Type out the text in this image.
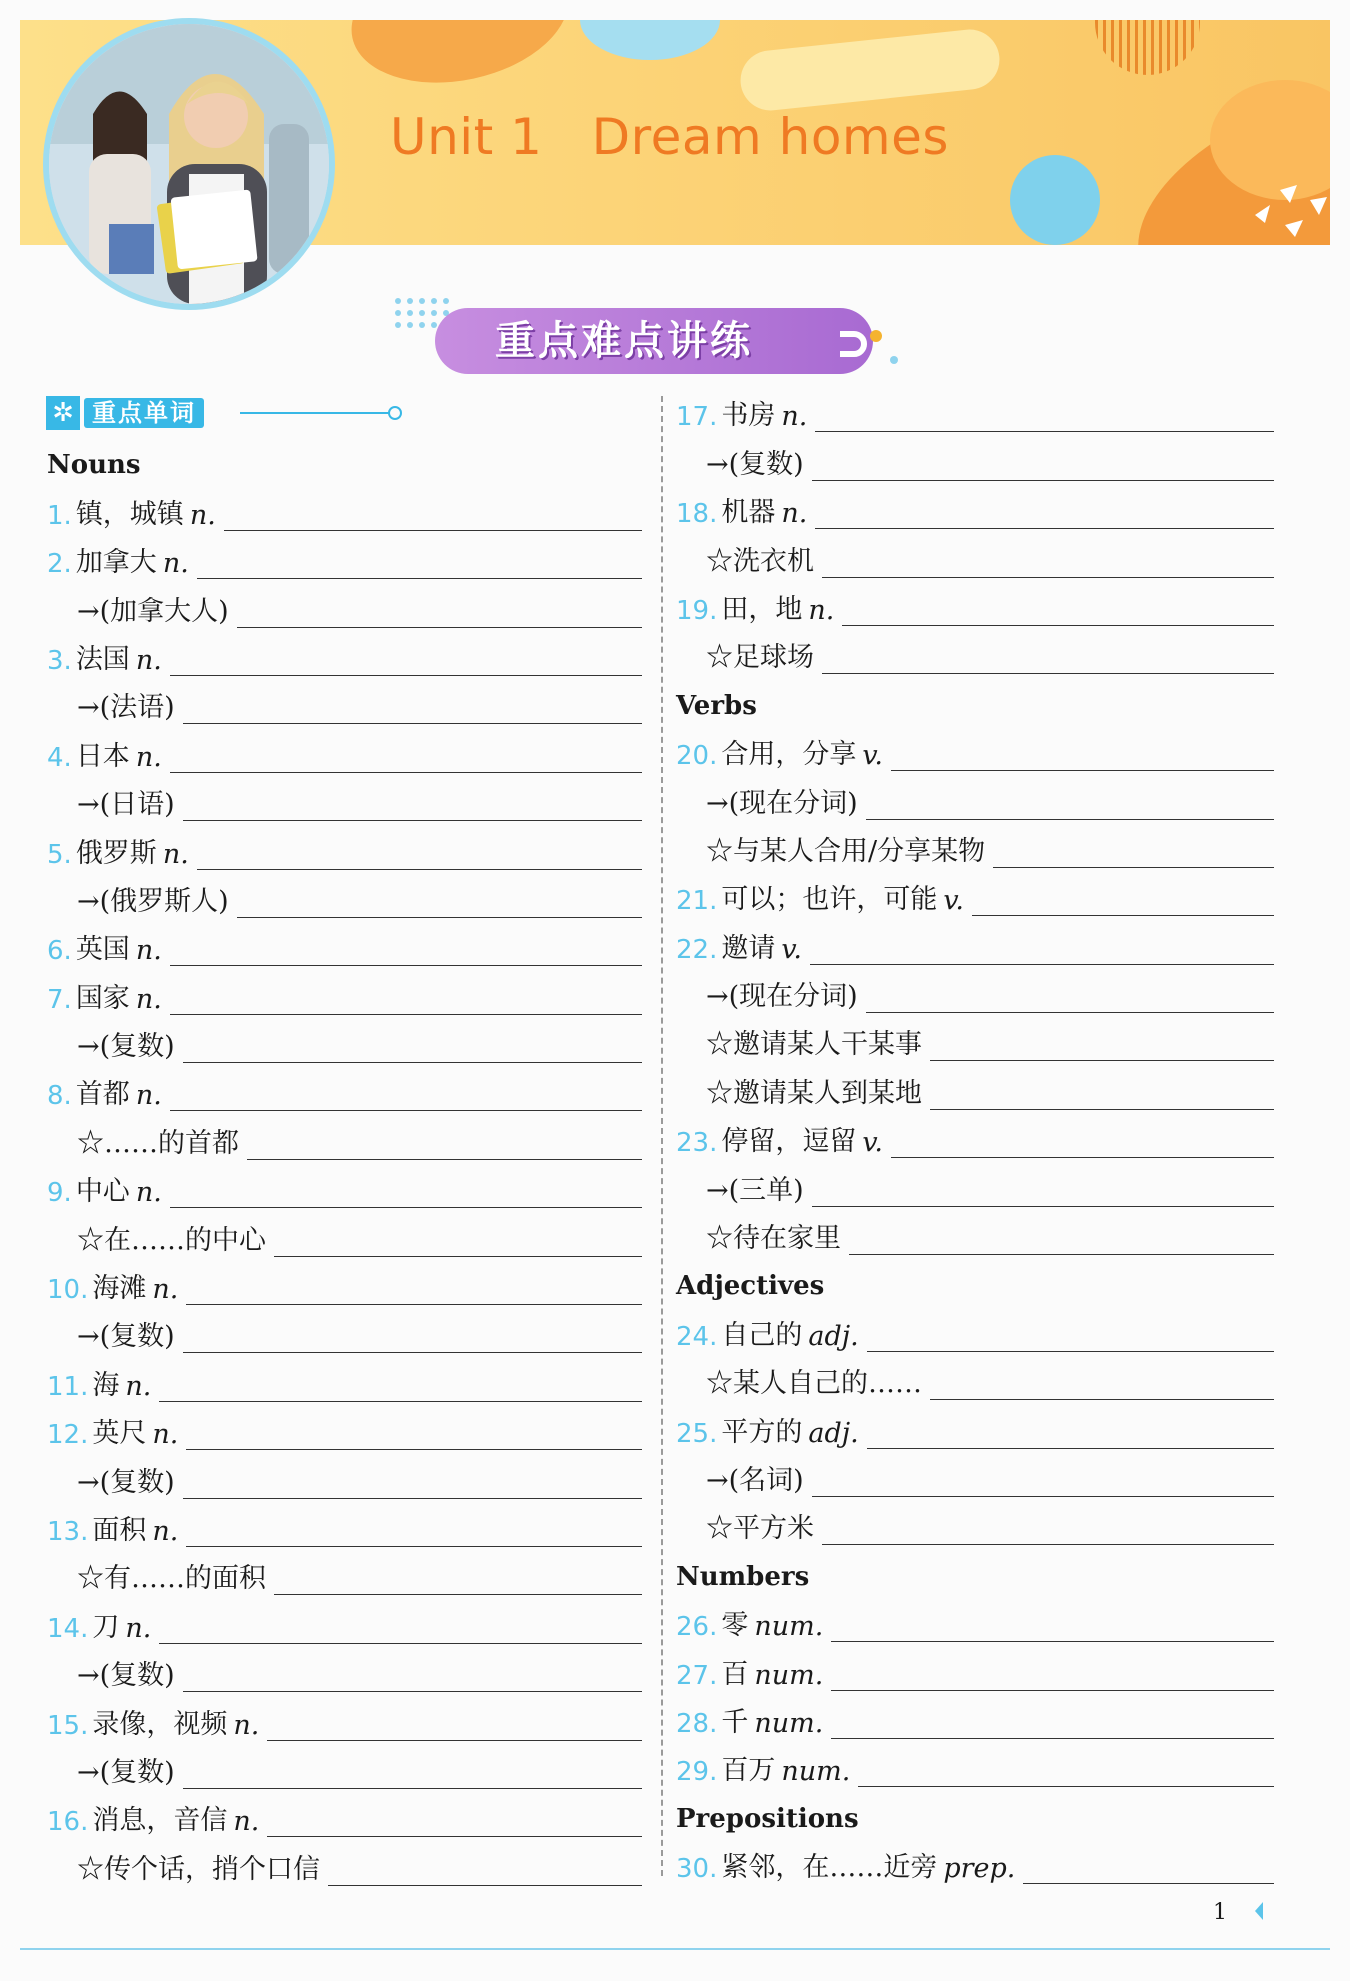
Unit 1   Dream homes
重点难点讲练
✲ 重点单词
Nouns
1. 镇，城镇 n.
2. 加拿大 n.
→(加拿大人)
3. 法国 n.
→(法语)
4. 日本 n.
→(日语)
5. 俄罗斯 n.
→(俄罗斯人)
6. 英国 n.
7. 国家 n.
→(复数)
8. 首都 n.
☆……的首都
9. 中心 n.
☆在……的中心
10. 海滩 n.
→(复数)
11. 海 n.
12. 英尺 n.
→(复数)
13. 面积 n.
☆有……的面积
14. 刀 n.
→(复数)
15. 录像，视频 n.
→(复数)
16. 消息，音信 n.
☆传个话，捎个口信
17. 书房 n.
→(复数)
18. 机器 n.
☆洗衣机
19. 田，地 n.
☆足球场
Verbs
20. 合用，分享 v.
→(现在分词)
☆与某人合用/分享某物
21. 可以；也许，可能 v.
22. 邀请 v.
→(现在分词)
☆邀请某人干某事
☆邀请某人到某地
23. 停留，逗留 v.
→(三单)
☆待在家里
Adjectives
24. 自己的 adj.
☆某人自己的……
25. 平方的 adj.
→(名词)
☆平方米
Numbers
26. 零 num.
27. 百 num.
28. 千 num.
29. 百万 num.
Prepositions
30. 紧邻，在……近旁 prep.
1
